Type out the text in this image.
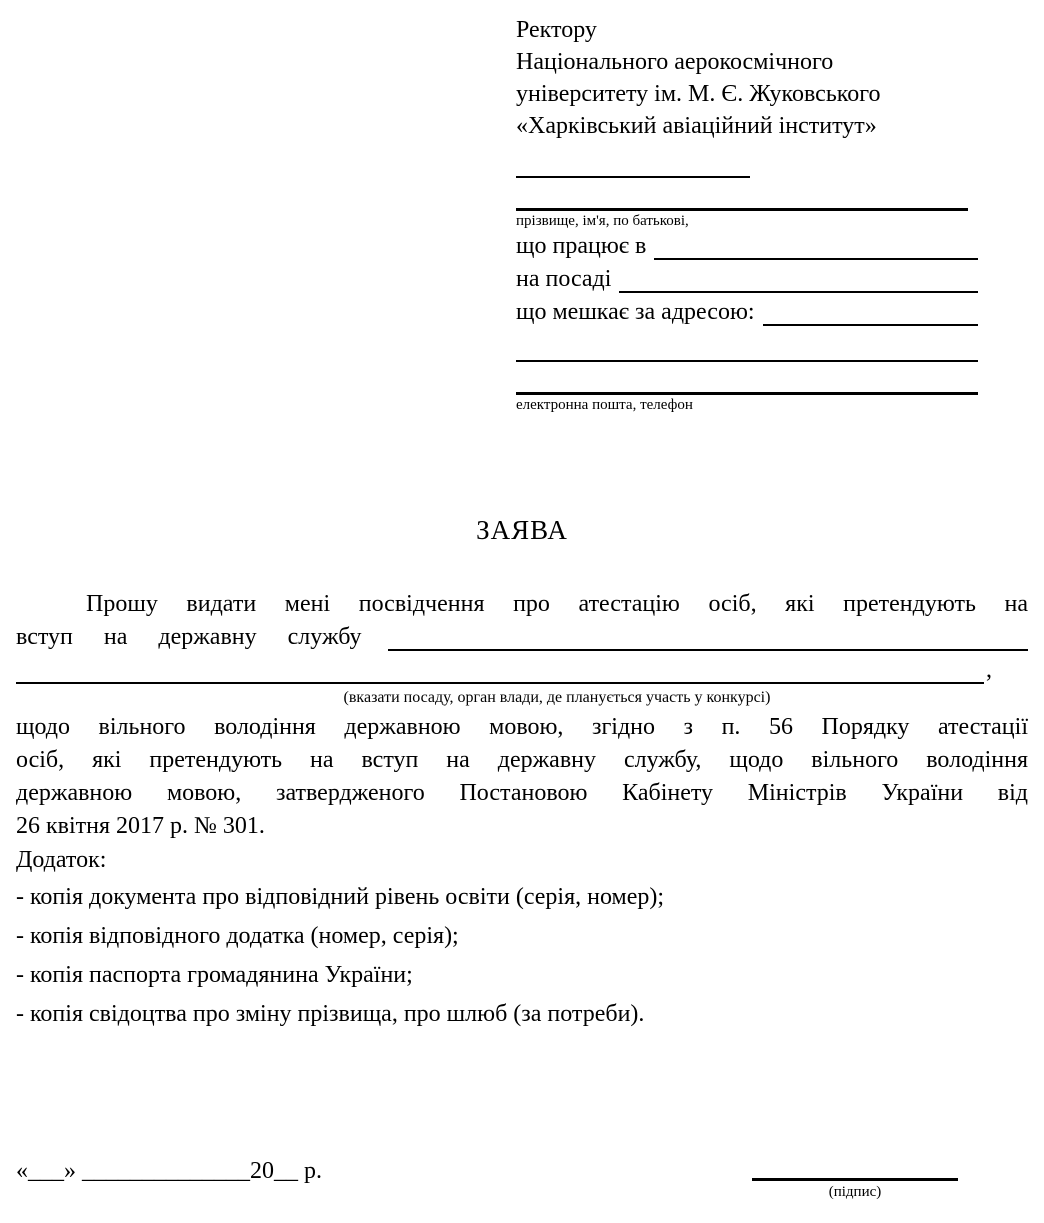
Ректору
Національного аерокосмічного
університету ім. М. Є. Жуковського
«Харківський авіаційний інститут»
прізвище, ім'я, по батькові,
що працює в
на посаді
що мешкає за адресою:
електронна пошта, телефон
ЗАЯВА
Прошу видати мені посвідчення про атестацію осіб, які претендують на
вступ на державну службу
,
(вказати посаду, орган влади, де планується участь у конкурсі)
щодо вільного володіння державною мовою, згідно з п. 56 Порядку атестації
осіб, які претендують на вступ на державну службу, щодо вільного володіння
державною мовою, затвердженого Постановою Кабінету Міністрів України від
26 квітня 2017 р. № 301.
Додаток:
- копія документа про відповідний рівень освіти (серія, номер);
- копія відповідного додатка (номер, серія);
- копія паспорта громадянина України;
- копія свідоцтва про зміну прізвища, про шлюб (за потреби).
«___» ______________20__ р.
(підпис)
